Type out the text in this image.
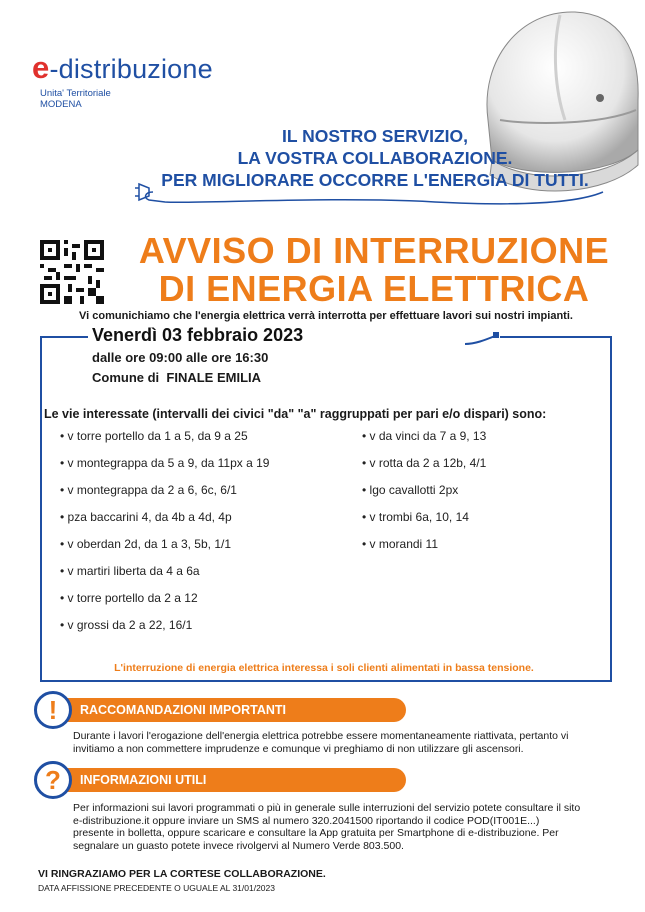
e-distribuzione
Unita' Territoriale
MODENA
IL NOSTRO SERVIZIO,
LA VOSTRA COLLABORAZIONE.
PER MIGLIORARE OCCORRE L'ENERGIA DI TUTTI.
AVVISO DI INTERRUZIONE
DI ENERGIA ELETTRICA
Vi comunichiamo che l'energia elettrica verrà interrotta per effettuare lavori sui nostri impianti.
Venerdì 03 febbraio 2023
dalle ore 09:00 alle ore 16:30
Comune di FINALE EMILIA
Le vie interessate (intervalli dei civici "da" "a" raggruppati per pari e/o dispari) sono:
• v torre portello da 1 a 5, da 9 a 25
• v montegrappa da 5 a 9, da 11px a 19
• v montegrappa da 2 a 6, 6c, 6/1
• pza baccarini 4, da 4b a 4d, 4p
• v oberdan 2d, da 1 a 3, 5b, 1/1
• v martiri liberta da 4 a 6a
• v torre portello da 2 a 12
• v grossi da 2 a 22, 16/1
• v da vinci da 7 a 9, 13
• v rotta da 2 a 12b, 4/1
• lgo cavallotti 2px
• v trombi 6a, 10, 14
• v morandi 11
L'interruzione di energia elettrica interessa i soli clienti alimentati in bassa tensione.
RACCOMANDAZIONI IMPORTANTI
!
Durante i lavori l'erogazione dell'energia elettrica potrebbe essere momentaneamente riattivata, pertanto vi
invitiamo a non commettere imprudenze e comunque vi preghiamo di non utilizzare gli ascensori.
INFORMAZIONI UTILI
?
Per informazioni sui lavori programmati o più in generale sulle interruzioni del servizio potete consultare il sito
e-distribuzione.it oppure inviare un SMS al numero 320.2041500 riportando il codice POD(IT001E...)
presente in bolletta, oppure scaricare e consultare la App gratuita per Smartphone di e-distribuzione. Per
segnalare un guasto potete invece rivolgervi al Numero Verde 803.500.
VI RINGRAZIAMO PER LA CORTESE COLLABORAZIONE.
DATA AFFISSIONE PRECEDENTE O UGUALE AL 31/01/2023
